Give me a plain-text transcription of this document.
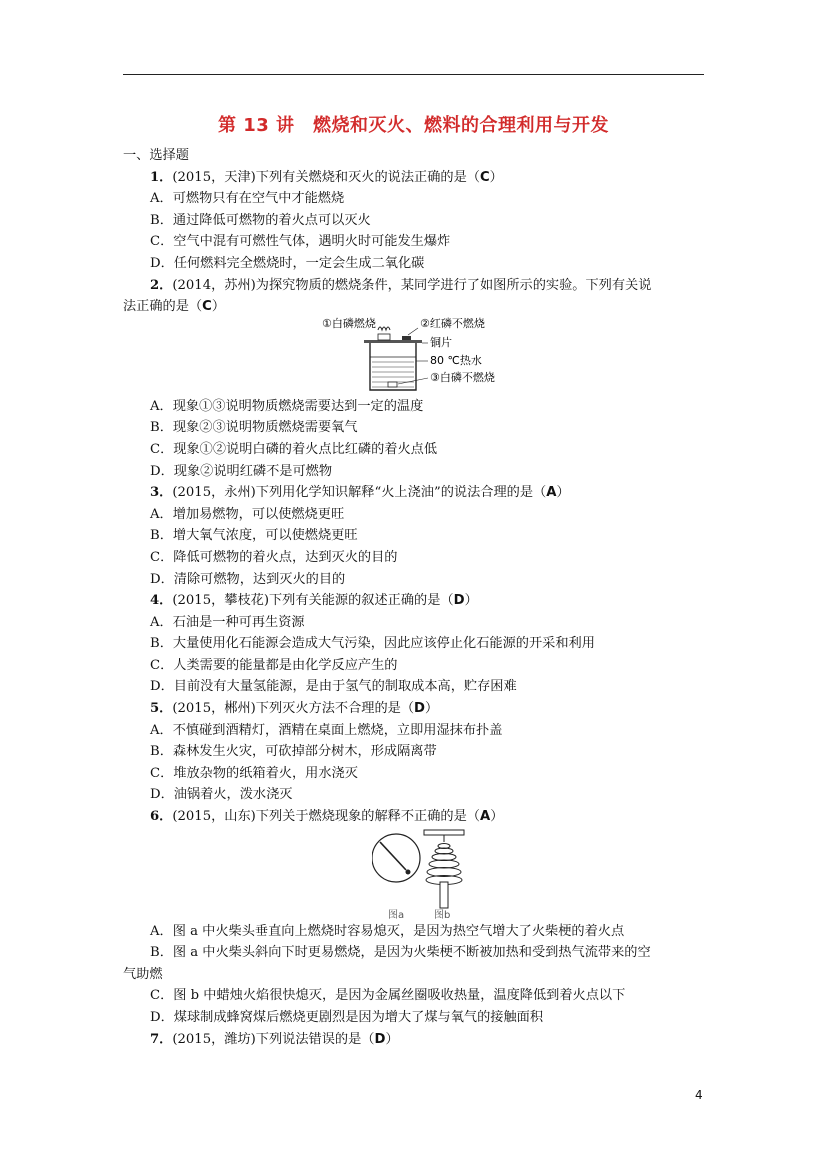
第 13 讲　燃烧和灭火、燃料的合理利用与开发
一、选择题
1．(2015，天津)下列有关燃烧和灭火的说法正确的是（C）
A．可燃物只有在空气中才能燃烧
B．通过降低可燃物的着火点可以灭火
C．空气中混有可燃性气体，遇明火时可能发生爆炸
D．任何燃料完全燃烧时，一定会生成二氧化碳
2．(2014，苏州)为探究物质的燃烧条件，某同学进行了如图所示的实验。下列有关说
法正确的是（C）
①白磷燃烧	②红磷不燃烧
铜片
80 ℃热水
③白磷不燃烧
A．现象①③说明物质燃烧需要达到一定的温度
B．现象②③说明物质燃烧需要氧气
C．现象①②说明白磷的着火点比红磷的着火点低
D．现象②说明红磷不是可燃物
3．(2015，永州)下列用化学知识解释“火上浇油”的说法合理的是（A）
A．增加易燃物，可以使燃烧更旺
B．增大氧气浓度，可以使燃烧更旺
C．降低可燃物的着火点，达到灭火的目的
D．清除可燃物，达到灭火的目的
4．(2015，攀枝花)下列有关能源的叙述正确的是（D）
A．石油是一种可再生资源
B．大量使用化石能源会造成大气污染，因此应该停止化石能源的开采和利用
C．人类需要的能量都是由化学反应产生的
D．目前没有大量氢能源，是由于氢气的制取成本高，贮存困难
5．(2015，郴州)下列灭火方法不合理的是（D）
A．不慎碰到酒精灯，酒精在桌面上燃烧，立即用湿抹布扑盖
B．森林发生火灾，可砍掉部分树木，形成隔离带
C．堆放杂物的纸箱着火，用水浇灭
D．油锅着火，泼水浇灭
6．(2015，山东)下列关于燃烧现象的解释不正确的是（A）
图a	图b
A．图 a 中火柴头垂直向上燃烧时容易熄灭，是因为热空气增大了火柴梗的着火点
B．图 a 中火柴头斜向下时更易燃烧，是因为火柴梗不断被加热和受到热气流带来的空
气助燃
C．图 b 中蜡烛火焰很快熄灭，是因为金属丝圈吸收热量，温度降低到着火点以下
D．煤球制成蜂窝煤后燃烧更剧烈是因为增大了煤与氧气的接触面积
7．(2015，潍坊)下列说法错误的是（D）
4
